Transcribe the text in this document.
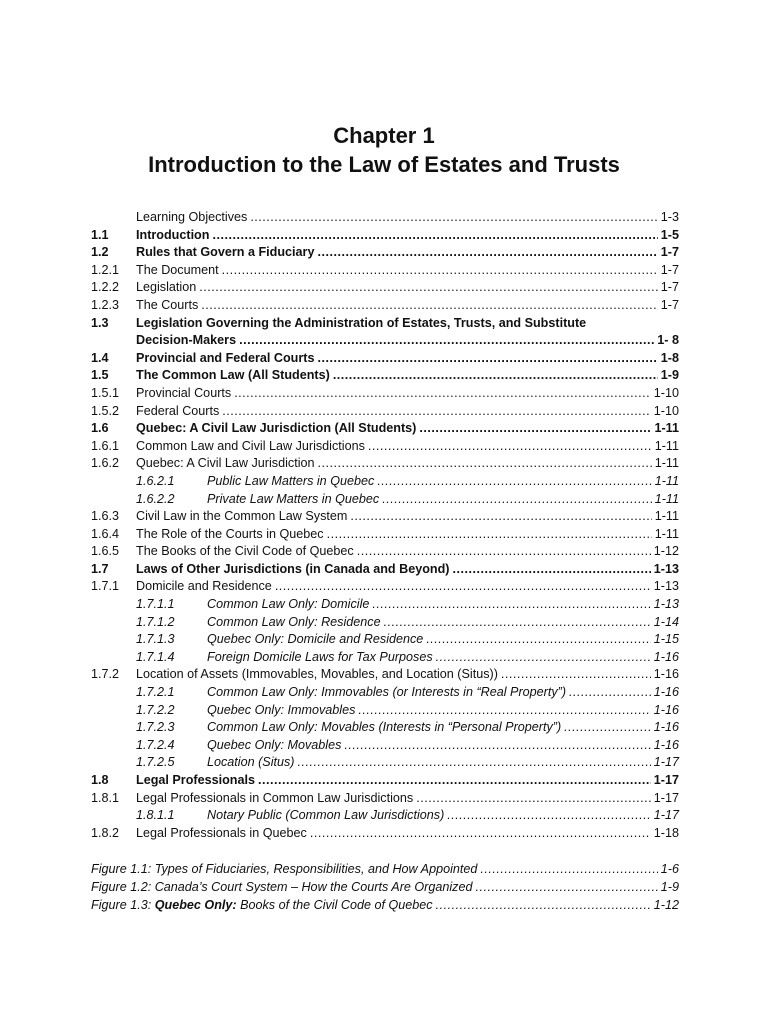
Chapter 1
Introduction to the Law of Estates and Trusts
Learning Objectives .....	1-3
1.1	Introduction .....	1-5
1.2	Rules that Govern a Fiduciary .....	1-7
1.2.1	The Document .....	1-7
1.2.2	Legislation .....	1-7
1.2.3	The Courts .....	1-7
1.3	Legislation Governing the Administration of Estates, Trusts, and Substitute
Decision-Makers .....	1- 8
1.4	Provincial and Federal Courts .....	1-8
1.5	The Common Law (All Students) .....	1-9
1.5.1	Provincial Courts .....	1-10
1.5.2	Federal Courts .....	1-10
1.6	Quebec: A Civil Law Jurisdiction (All Students) .....	1-11
1.6.1	Common Law and Civil Law Jurisdictions .....	1-11
1.6.2	Quebec: A Civil Law Jurisdiction .....	1-11
1.6.2.1	Public Law Matters in Quebec .....	1-11
1.6.2.2	Private Law Matters in Quebec .....	1-11
1.6.3	Civil Law in the Common Law System .....	1-11
1.6.4	The Role of the Courts in Quebec .....	1-11
1.6.5	The Books of the Civil Code of Quebec .....	1-12
1.7	Laws of Other Jurisdictions (in Canada and Beyond) .....	1-13
1.7.1	Domicile and Residence .....	1-13
1.7.1.1	Common Law Only: Domicile .....	1-13
1.7.1.2	Common Law Only: Residence .....	1-14
1.7.1.3	Quebec Only: Domicile and Residence .....	1-15
1.7.1.4	Foreign Domicile Laws for Tax Purposes .....	1-16
1.7.2	Location of Assets (Immovables, Movables, and Location (Situs)) .....	1-16
1.7.2.1	Common Law Only: Immovables (or Interests in “Real Property”) .....	1-16
1.7.2.2	Quebec Only: Immovables .....	1-16
1.7.2.3	Common Law Only: Movables (Interests in “Personal Property”) .....	1-16
1.7.2.4	Quebec Only: Movables .....	1-16
1.7.2.5	Location (Situs) .....	1-17
1.8	Legal Professionals .....	1-17
1.8.1	Legal Professionals in Common Law Jurisdictions .....	1-17
1.8.1.1	Notary Public (Common Law Jurisdictions) .....	1-17
1.8.2	Legal Professionals in Quebec .....	1-18
Figure 1.1: Types of Fiduciaries, Responsibilities, and How Appointed .....	1-6
Figure 1.2: Canada’s Court System – How the Courts Are Organized .....	1-9
Figure 1.3: Quebec Only: Books of the Civil Code of Quebec .....	1-12
